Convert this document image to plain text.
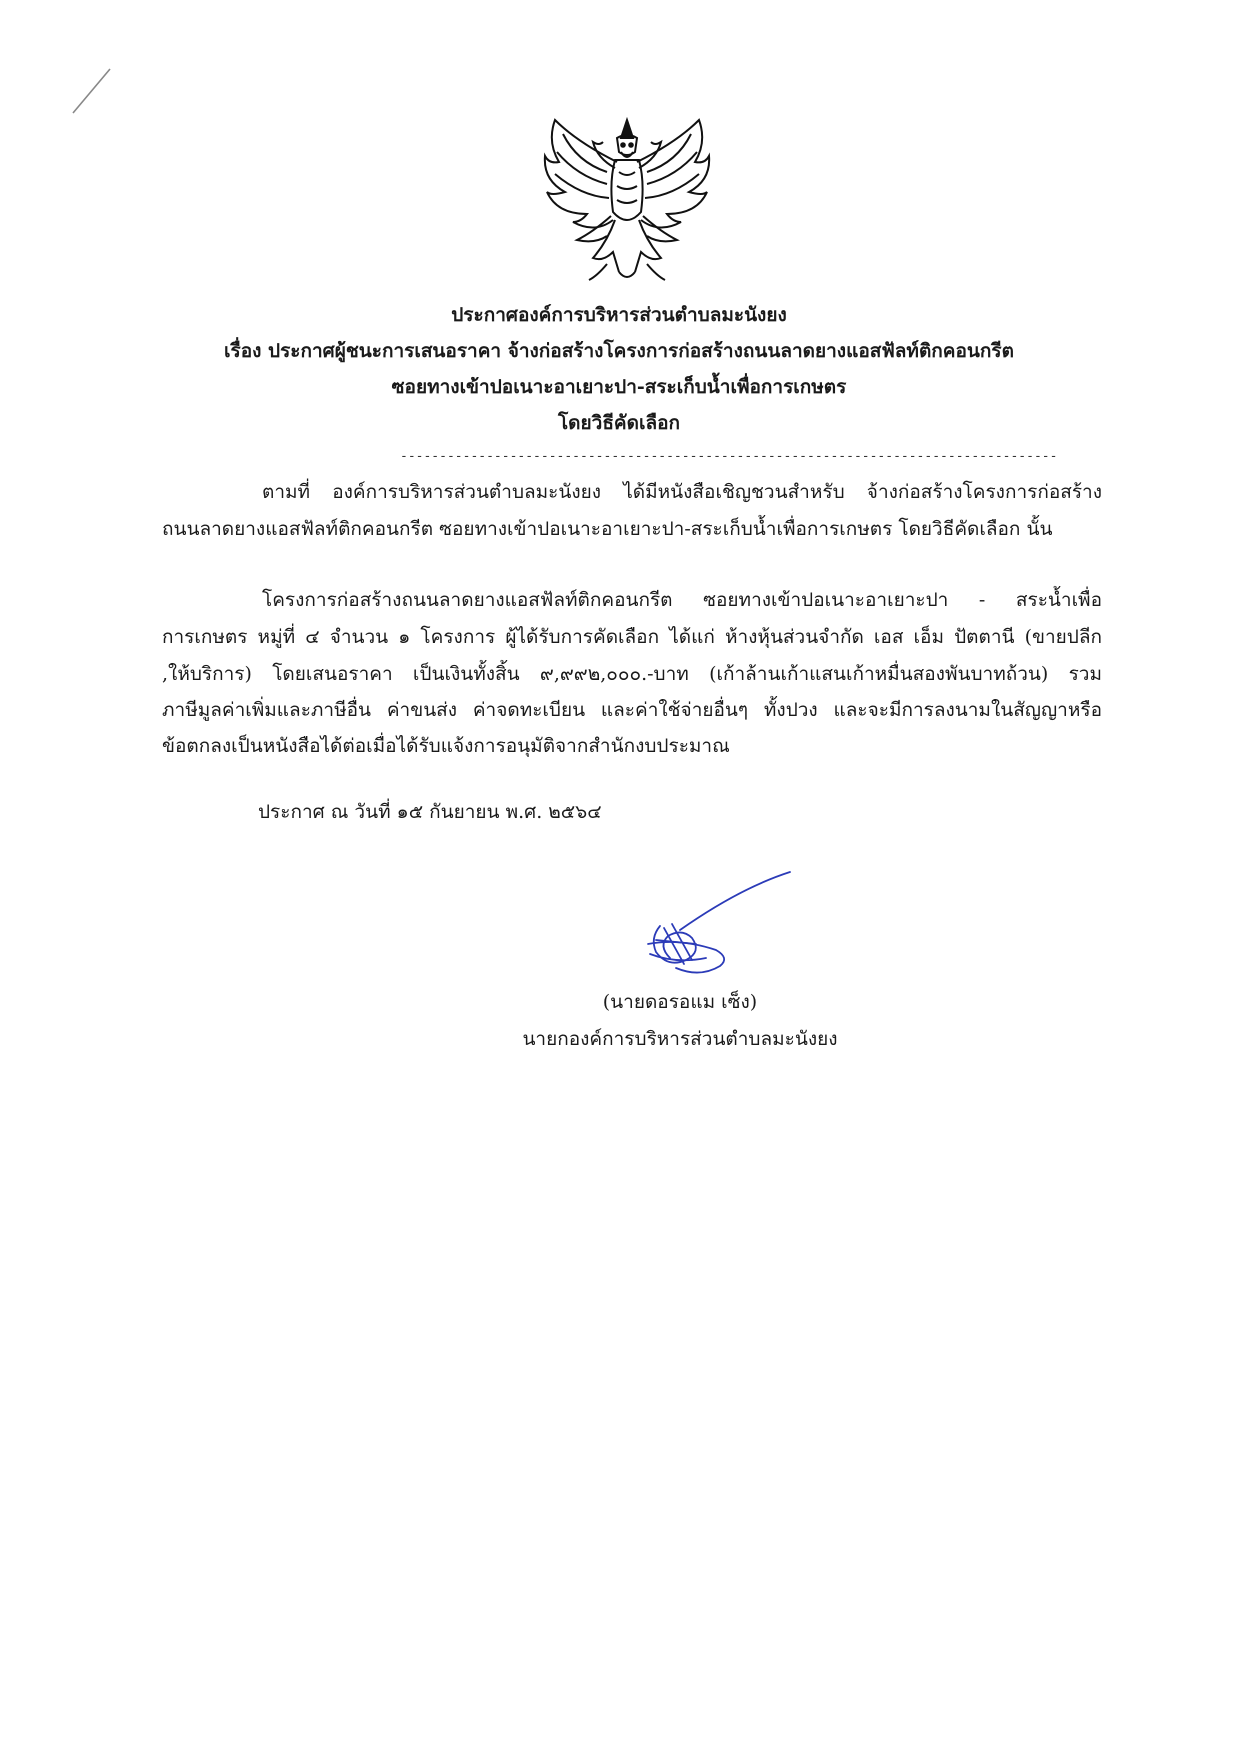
ประกาศองค์การบริหารส่วนตำบลมะนังยง
เรื่อง ประกาศผู้ชนะการเสนอราคา จ้างก่อสร้างโครงการก่อสร้างถนนลาดยางแอสฟัลท์ติกคอนกรีต
ซอยทางเข้าปอเนาะอาเยาะปา-สระเก็บน้ำเพื่อการเกษตร
โดยวิธีคัดเลือก
------------------------------------------------------------------------------------
ตามที่ องค์การบริหารส่วนตำบลมะนังยง ได้มีหนังสือเชิญชวนสำหรับ จ้างก่อสร้างโครงการก่อสร้าง
ถนนลาดยางแอสฟัลท์ติกคอนกรีต ซอยทางเข้าปอเนาะอาเยาะปา-สระเก็บน้ำเพื่อการเกษตร โดยวิธีคัดเลือก นั้น
โครงการก่อสร้างถนนลาดยางแอสฟัลท์ติกคอนกรีต ซอยทางเข้าปอเนาะอาเยาะปา - สระน้ำเพื่อ
การเกษตร หมู่ที่ ๔ จำนวน ๑ โครงการ ผู้ได้รับการคัดเลือก ได้แก่ ห้างหุ้นส่วนจำกัด เอส เอ็ม ปัตตานี (ขายปลีก
,ให้บริการ) โดยเสนอราคา เป็นเงินทั้งสิ้น ๙,๙๙๒,๐๐๐.-บาท (เก้าล้านเก้าแสนเก้าหมื่นสองพันบาทถ้วน) รวม
ภาษีมูลค่าเพิ่มและภาษีอื่น ค่าขนส่ง ค่าจดทะเบียน และค่าใช้จ่ายอื่นๆ ทั้งปวง และจะมีการลงนามในสัญญาหรือ
ข้อตกลงเป็นหนังสือได้ต่อเมื่อได้รับแจ้งการอนุมัติจากสำนักงบประมาณ
ประกาศ ณ วันที่ ๑๕ กันยายน พ.ศ. ๒๕๖๔
(นายดอรอแม เซ็ง)
นายกองค์การบริหารส่วนตำบลมะนังยง
